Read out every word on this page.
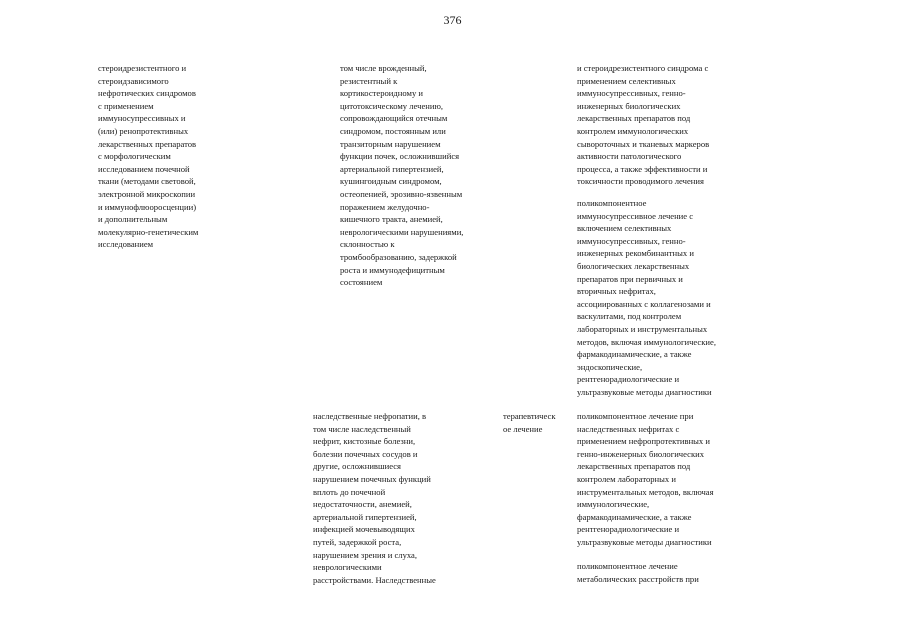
376
стероидрезистентного и
стероидзависимого
нефротических синдромов
с применением
иммуносупрессивных и
(или) ренопротективных
лекарственных препаратов
с морфологическим
исследованием почечной
ткани (методами световой,
электронной микроскопии
и иммунофлюоросценции)
и дополнительным
молекулярно-генетическим
исследованием
том числе врожденный,
резистентный к
кортикостероидному и
цитотоксическому лечению,
сопровождающийся отечным
синдромом, постоянным или
транзиторным нарушением
функции почек, осложнившийся
артериальной гипертензией,
кушингоидным синдромом,
остеопенией, эрозивно-язвенным
поражением желудочно-
кишечного тракта, анемией,
неврологическими нарушениями,
склонностью к
тромбообразованию, задержкой
роста и иммунодефицитным
состоянием
и стероидрезистентного синдрома с
применением селективных
иммуносупрессивных, генно-
инженерных биологических
лекарственных препаратов под
контролем иммунологических
сывороточных и тканевых маркеров
активности патологического
процесса, а также эффективности и
токсичности проводимого лечения
поликомпонентное
иммуносупрессивное лечение с
включением селективных
иммуносупрессивных, генно-
инженерных рекомбинантных и
биологических лекарственных
препаратов при первичных и
вторичных нефритах,
ассоциированных с коллагенозами и
васкулитами, под контролем
лабораторных и инструментальных
методов, включая иммунологические,
фармакодинамические, а также
эндоскопические,
рентгенорадиологические и
ультразвуковые методы диагностики
наследственные нефропатии, в
том числе наследственный
нефрит, кистозные болезни,
болезни почечных сосудов и
другие, осложнившиеся
нарушением почечных функций
вплоть до почечной
недостаточности, анемией,
артериальной гипертензией,
инфекцией мочевыводящих
путей, задержкой роста,
нарушением зрения и слуха,
неврологическими
расстройствами. Наследственные
терапевтическ
ое лечение
поликомпонентное лечение при
наследственных нефритах с
применением нефропротективных и
генно-инженерных биологических
лекарственных препаратов под
контролем лабораторных и
инструментальных методов, включая
иммунологические,
фармакодинамические, а также
рентгенорадиологические и
ультразвуковые методы диагностики
поликомпонентное лечение
метаболических расстройств при
